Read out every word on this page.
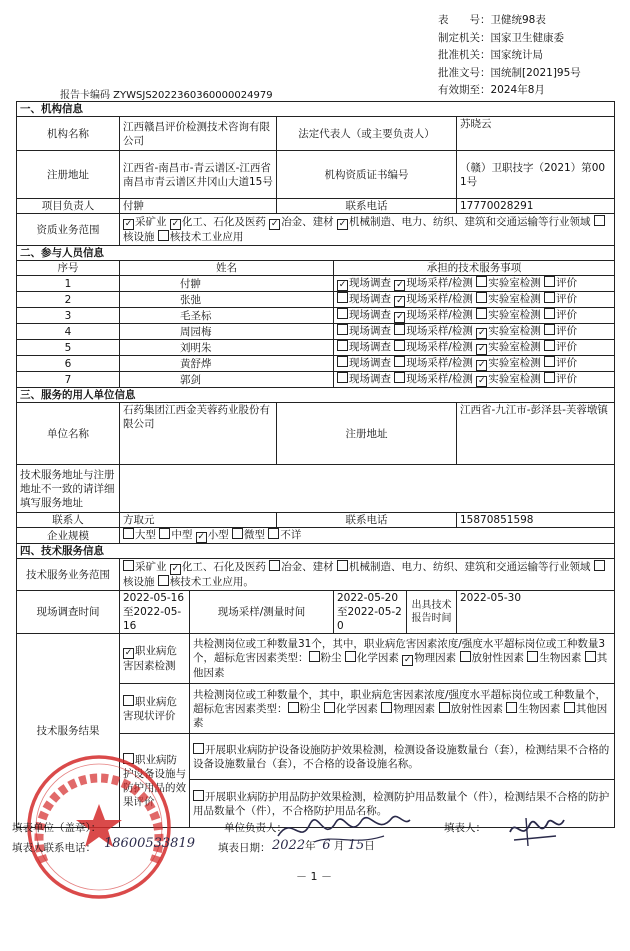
表　　号：卫健统98表
制定机关：国家卫生健康委
批准机关：国家统计局
批准文号：国统制[2021]95号
有效期至：2024年8月
报告卡编码 ZYWSJS2022360360000024979
一、机构信息						
机构名称	江西赣昌评价检测技术咨询有限公司		法定代表人（或主要负责人）			苏晓云
注册地址	江西省-南昌市-青云谱区-江西省南昌市青云谱区井冈山大道15号		机构资质证书编号			（赣）卫职技字（2021）第001号
项目负责人	付翀		联系电话			17770028291
资质业务范围	✓ 采矿业 ✓ 化工、石化及医药 ✓ 冶金、建材 ✓ 机械制造、电力、纺织、建筑和交通运输等行业领域 核设施 核技术工业应用					
二、参与人员信息						
序号	姓名			承担的技术服务事项		
1	付翀			✓ 现场调查 ✓ 现场采样/检测 实验室检测 评价		
2	张弛			现场调查 ✓ 现场采样/检测 实验室检测 评价		
3	毛圣标			现场调查 ✓ 现场采样/检测 实验室检测 评价		
4	周园梅			现场调查 现场采样/检测 ✓ 实验室检测 评价		
5	刘明朱			现场调查 现场采样/检测 ✓ 实验室检测 评价		
6	黄舒烨			现场调查 现场采样/检测 ✓ 实验室检测 评价		
7	郭剑			现场调查 现场采样/检测 ✓ 实验室检测 评价		
三、服务的用人单位信息						
单位名称	石药集团江西金芙蓉药业股份有限公司		注册地址			江西省-九江市-彭泽县-芙蓉墩镇
技术服务地址与注册地址不一致的请详细填写服务地址						
联系人	方取元		联系电话			15870851598
企业规模	大型 中型 ✓ 小型 微型 不详					
四、技术服务信息						
技术服务业务范围	采矿业 ✓ 化工、石化及医药 冶金、建材 机械制造、电力、纺织、建筑和交通运输等行业领域 核设施 核技术工业应用。					
现场调查时间	2022-05-16至2022-05-16	现场采样/测量时间		2022-05-20至2022-05-20	出具技术报告时间	2022-05-30
技术服务结果	✓ 职业病危害因素检测	共检测岗位或工种数量31个，其中，职业病危害因素浓度/强度水平超标岗位或工种数量3个，超标危害因素类型： 粉尘 化学因素 ✓ 物理因素 放射性因素 生物因素 其他因素				
	职业病危害现状评价	共检测岗位或工种数量个，其中，职业病危害因素浓度/强度水平超标岗位或工种数量个，超标危害因素类型： 粉尘 化学因素 物理因素 放射性因素 生物因素 其他因素				
	职业病防护设备设施与防护用品的效果评价	开展职业病防护设备设施防护效果检测，检测设备设施数量台（套），检测结果不合格的设备设施数量台（套），不合格的设备设施名称。				
		开展职业病防护用品防护效果检测，检测防护用品数量个（件），检测结果不合格的防护用品数量个（件），不合格防护用品名称。				
填表单位（盖章）：	单位负责人：	填表人：
填表人联系电话： 18600533819 填表日期： 2022年 6 月 15日
－ 1 －
